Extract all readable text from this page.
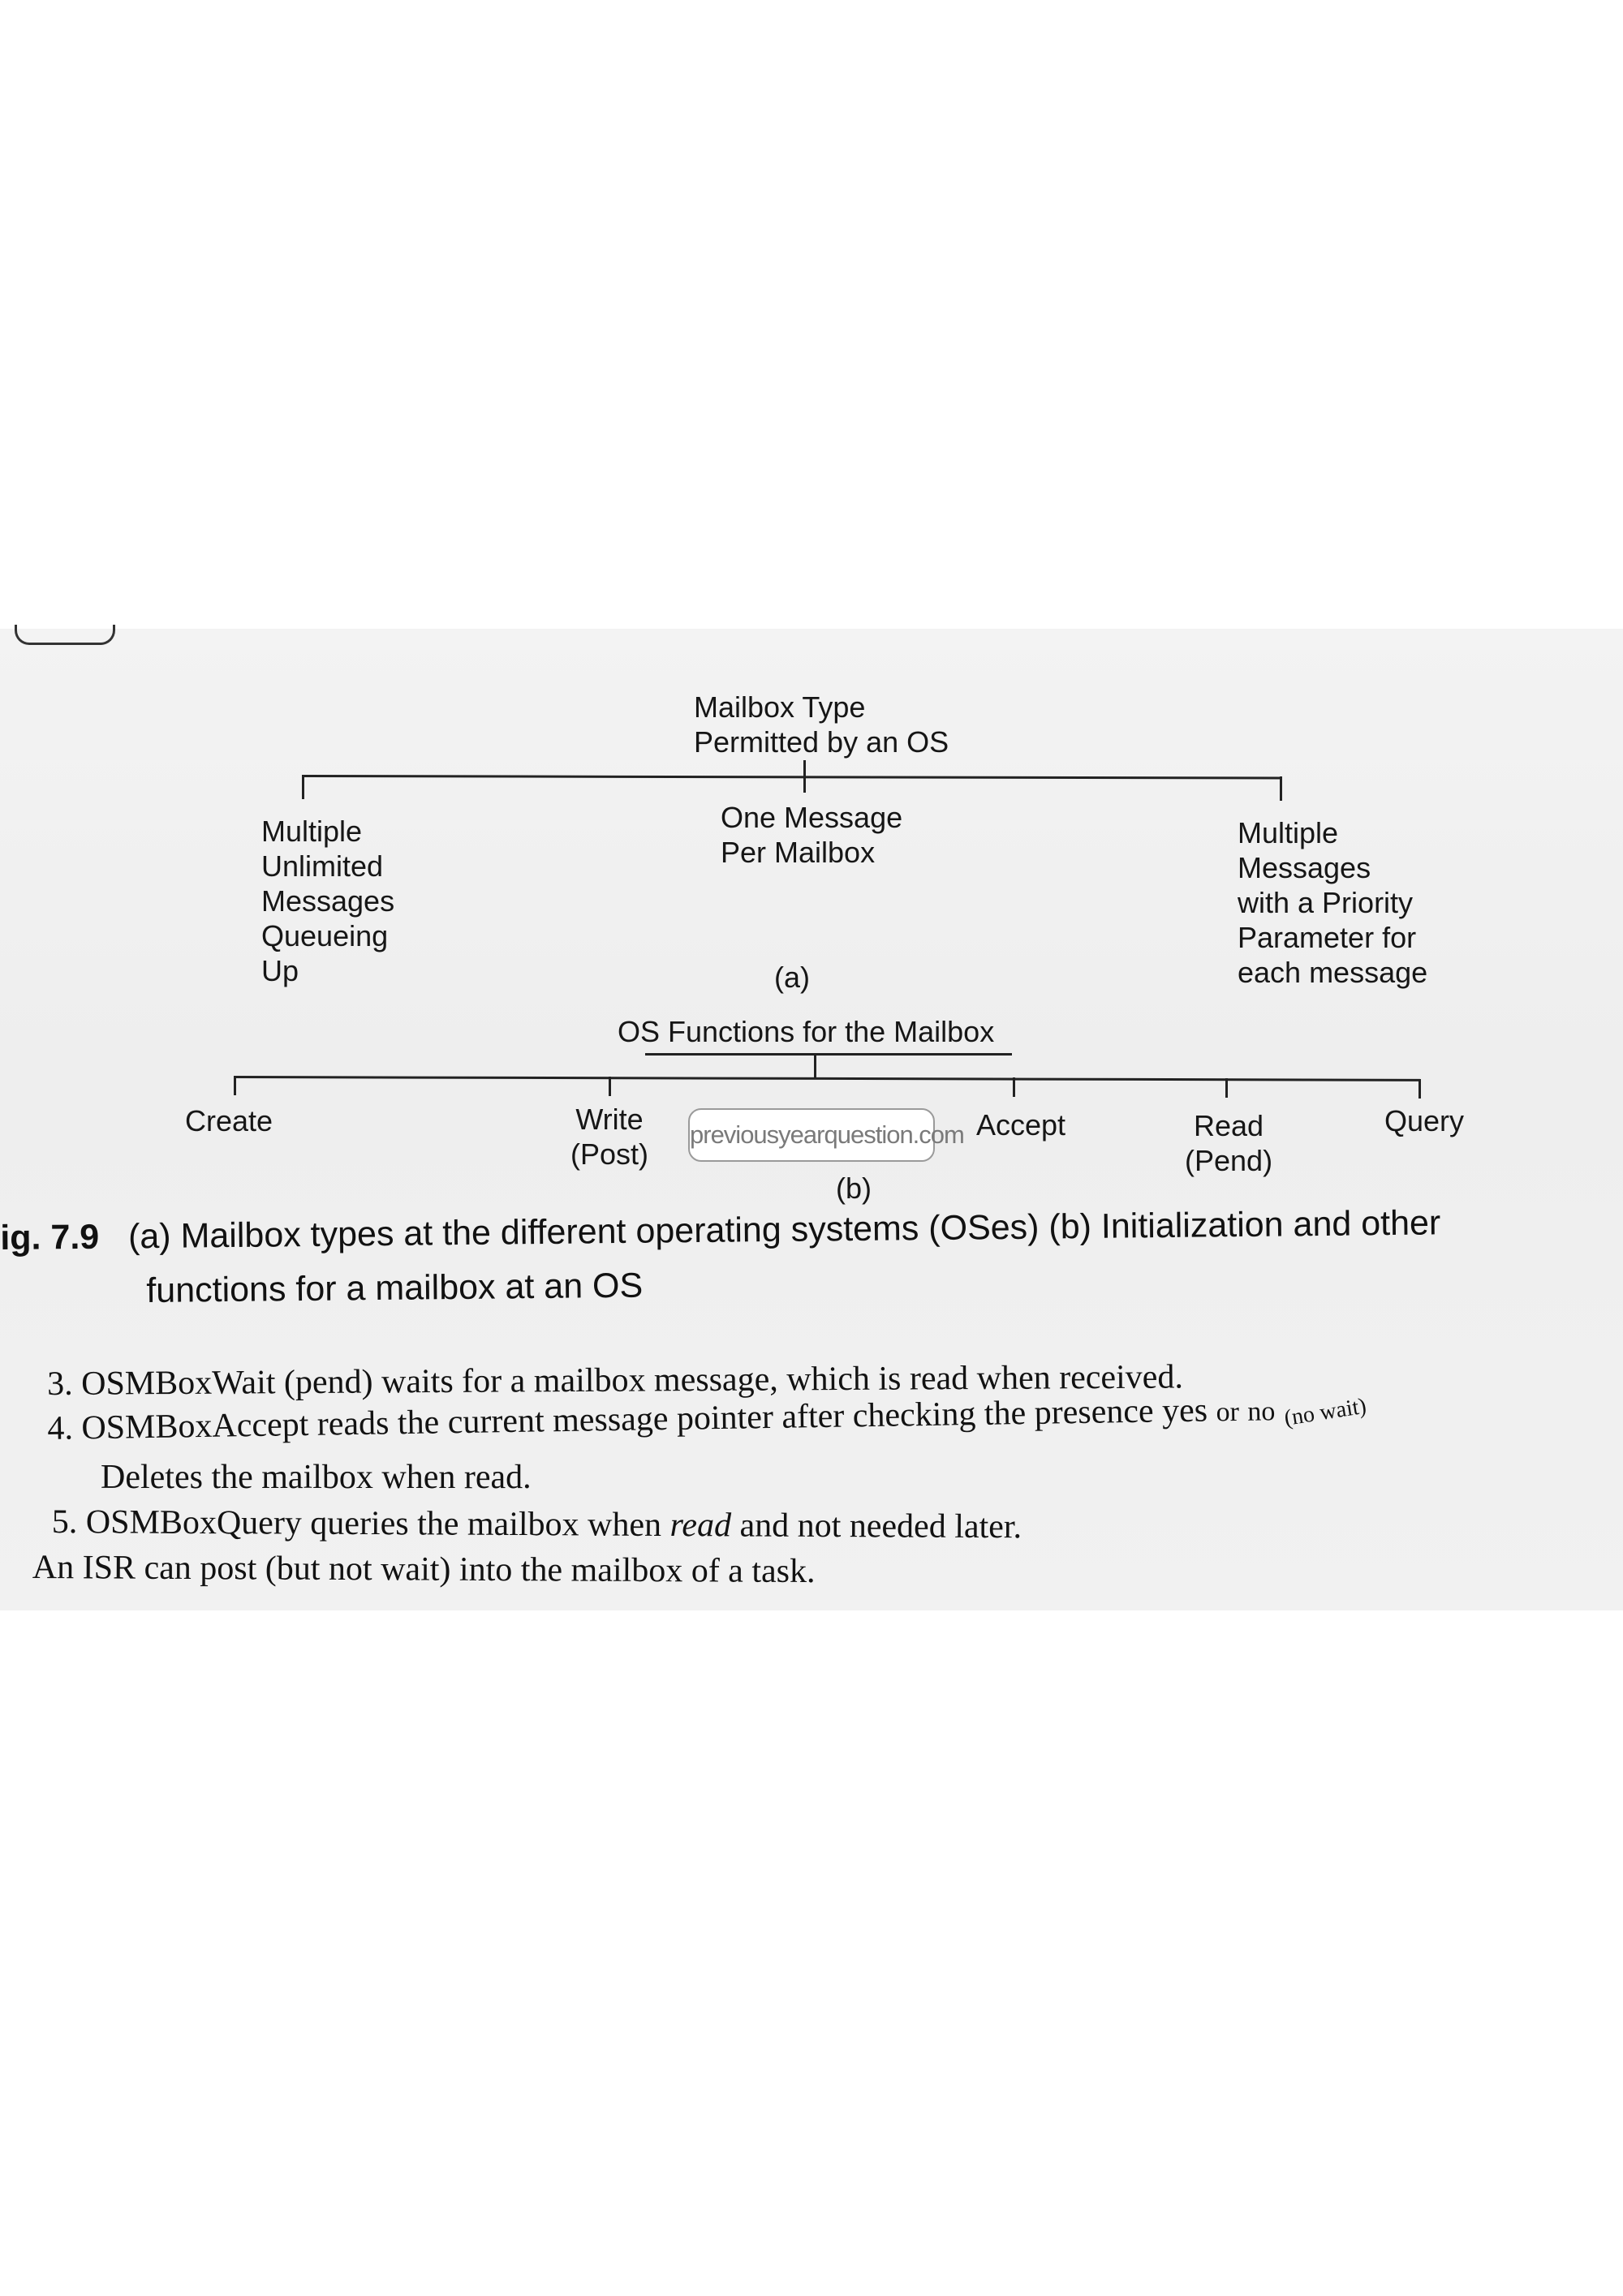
Mailbox Type
Permitted by an OS
Multiple
Unlimited
Messages
Queueing
Up
One Message
Per Mailbox
Multiple
Messages
with a Priority
Parameter for
each message
(a)
OS Functions for the Mailbox
Create	Write
(Post)
Accept	Read
(Pend)
Query
(b)
previousyearquestion.com
ig. 7.9 (a) Mailbox types at the different operating systems (OSes) (b) Initialization and other
functions for a mailbox at an OS
3. OSMBoxWait (pend) waits for a mailbox message, which is read when received.
4. OSMBoxAccept reads the current message pointer after checking the presence yes or no (no wait)
Deletes the mailbox when read.
5. OSMBoxQuery queries the mailbox when read and not needed later.
An ISR can post (but not wait) into the mailbox of a task.
